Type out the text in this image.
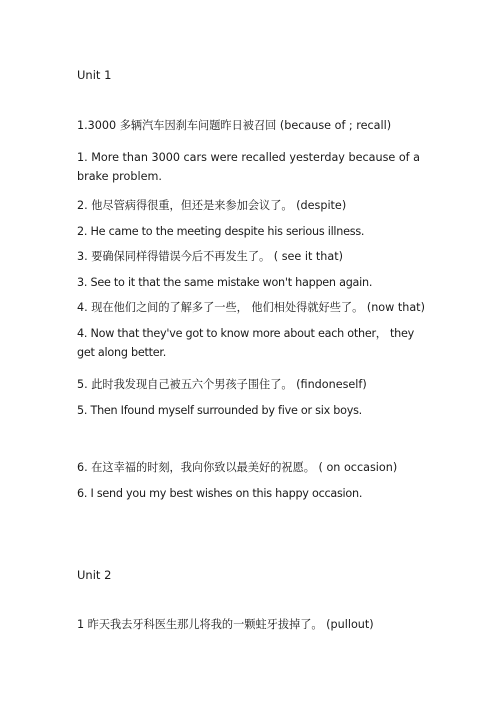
Unit 1
1.3000 多辆汽车因刹车问题昨日被召回 (because of ; recall)
1. More than 3000 cars were recalled yesterday because of a brake problem.
2. 他尽管病得很重，但还是来参加会议了。 (despite)
2. He came to the meeting despite his serious illness.
3. 要确保同样得错误今后不再发生了。 ( see it that)
3. See to it that the same mistake won't happen again.
4. 现在他们之间的了解多了一些， 他们相处得就好些了。 (now that)
4. Now that they've got to know more about each other， they get along better.
5. 此时我发现自己被五六个男孩子围住了。 (findoneself)
5. Then Ifound myself surrounded by five or six boys.
6. 在这幸福的时刻，我向你致以最美好的祝愿。 ( on occasion)
6. I send you my best wishes on this happy occasion.
Unit 2
1 昨天我去牙科医生那儿将我的一颗蛀牙拔掉了。 (pullout)
